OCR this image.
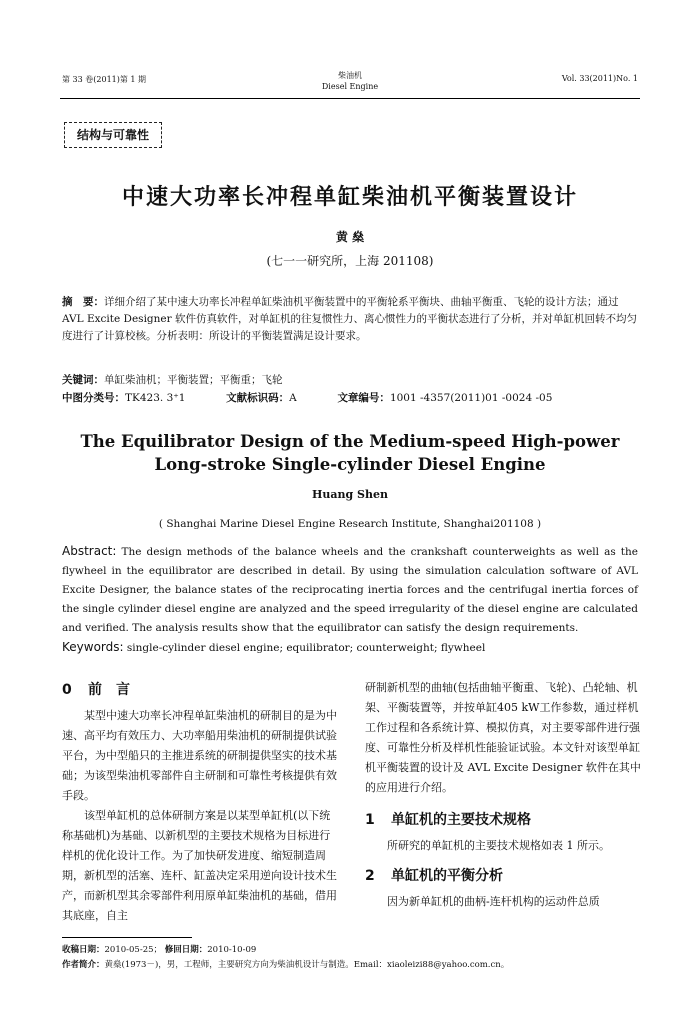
第 33 卷(2011)第 1 期	柴油机
Diesel Engine
Vol. 33(2011)No. 1
结构与可靠性
中速大功率长冲程单缸柴油机平衡装置设计
黄 燊
(七一一研究所，上海 201108)
摘　要：详细介绍了某中速大功率长冲程单缸柴油机平衡装置中的平衡轮系平衡块、曲轴平衡重、飞轮的设计方法；通过 AVL Excite Designer 软件仿真软件，对单缸机的往复惯性力、离心惯性力的平衡状态进行了分析，并对单缸机回转不均匀度进行了计算校核。分析表明：所设计的平衡装置满足设计要求。
关键词：单缸柴油机；平衡装置；平衡重；飞轮
中图分类号：TK423. 3⁺1	文献标识码：A	文章编号：1001 -4357(2011)01 -0024 -05
The Equilibrator Design of the Medium-speed High-power
Long-stroke Single-cylinder Diesel Engine
Huang Shen
( Shanghai Marine Diesel Engine Research Institute, Shanghai201108 )
Abstract: The design methods of the balance wheels and the crankshaft counterweights as well as the flywheel in the equilibrator are described in detail. By using the simulation calculation software of AVL Excite Designer, the balance states of the reciprocating inertia forces and the centrifugal inertia forces of the single cylinder diesel engine are analyzed and the speed irregularity of the diesel engine are calculated and verified. The analysis results show that the equilibrator can satisfy the design requirements.
Keywords: single-cylinder diesel engine; equilibrator; counterweight; flywheel
0 前　言

某型中速大功率长冲程单缸柴油机的研制目的是为中速、高平均有效压力、大功率船用柴油机的研制提供试验平台，为中型船只的主推进系统的研制提供坚实的技术基础；为该型柴油机零部件自主研制和可靠性考核提供有效手段。

该型单缸机的总体研制方案是以某型单缸机(以下统称基础机)为基础、以新机型的主要技术规格为目标进行样机的优化设计工作。为了加快研发进度、缩短制造周期，新机型的活塞、连杆、缸盖决定采用逆向设计技术生产，而新机型其余零部件利用原单缸柴油机的基础，借用其底座，自主

研制新机型的曲轴(包括曲轴平衡重、飞轮)、凸轮轴、机架、平衡装置等，并按单缸405 kW工作参数，通过样机工作过程和各系统计算、模拟仿真，对主要零部件进行强度、可靠性分析及样机性能验证试验。本文针对该型单缸机平衡装置的设计及 AVL Excite Designer 软件在其中的应用进行介绍。

1 单缸机的主要技术规格

所研究的单缸机的主要技术规格如表 1 所示。

2 单缸机的平衡分析

因为新单缸机的曲柄-连杆机构的运动件总质

收稿日期：2010-05-25； 修回日期：2010-10-09
作者简介：黄燊(1973－)，男，工程师，主要研究方向为柴油机设计与制造。Email：xiaoleizi88@yahoo.com.cn。
